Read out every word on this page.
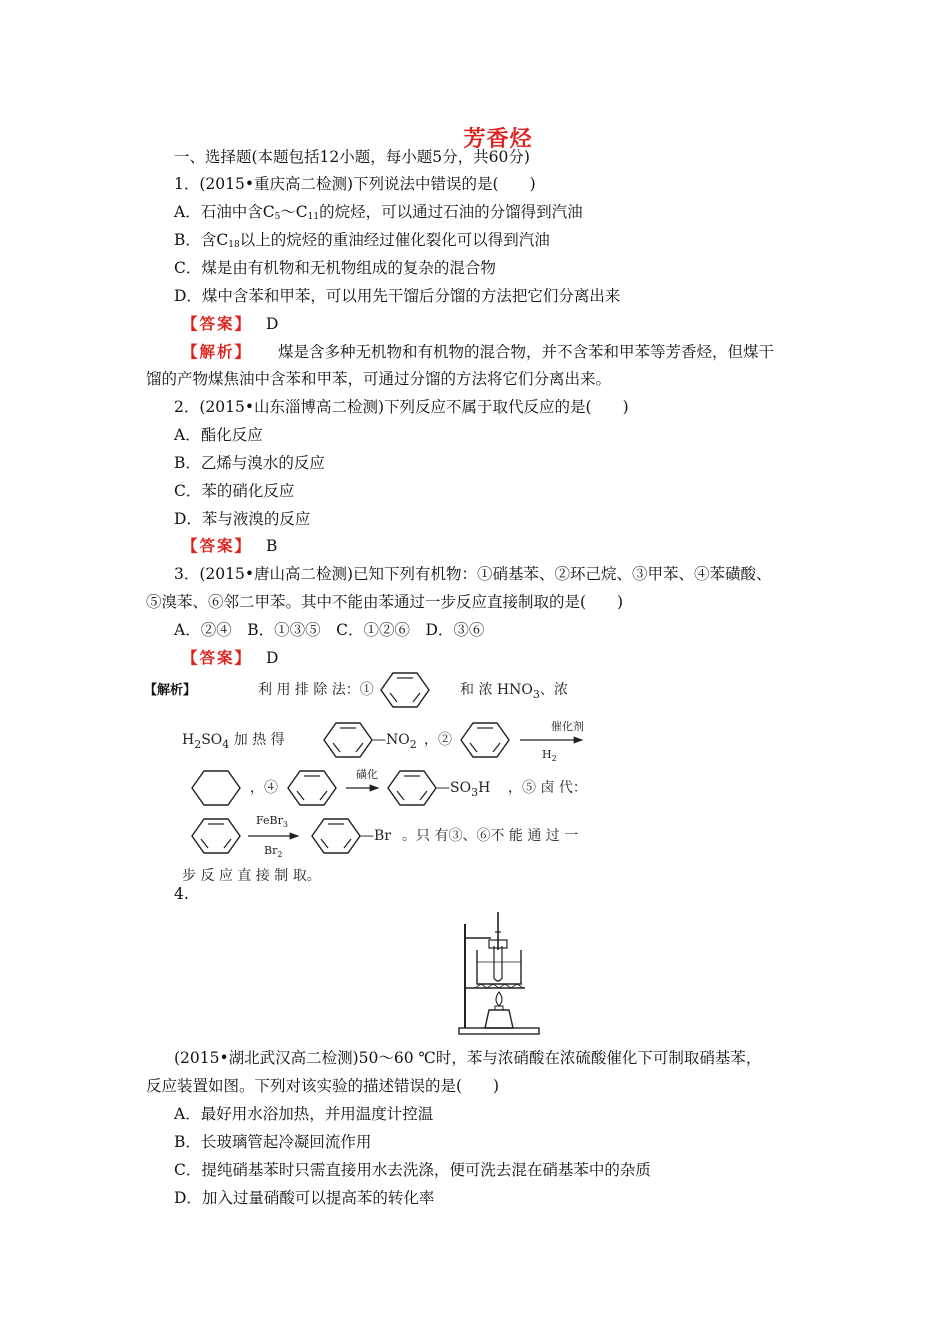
芳香烃
一、选择题(本题包括12小题，每小题5分，共60分)
1．(2015•重庆高二检测)下列说法中错误的是(　　)
A．石油中含$C_5\sim C_{11}$的烷烃，可以通过石油的分馏得到汽油
B．含$C_{18}$以上的烷烃的重油经过催化裂化可以得到汽油
C．煤是由有机物和无机物组成的复杂的混合物
D．煤中含苯和甲苯，可以用先干馏后分馏的方法把它们分离出来
【答案】 D
【解析】 煤是含多种无机物和有机物的混合物，并不含苯和甲苯等芳香烃，但煤干
馏的产物煤焦油中含苯和甲苯，可通过分馏的方法将它们分离出来。
2．(2015•山东淄博高二检测)下列反应不属于取代反应的是(　　)
A．酯化反应
B．乙烯与溴水的反应
C．苯的硝化反应
D．苯与液溴的反应
【答案】 B
3．(2015•唐山高二检测)已知下列有机物：①硝基苯、②环己烷、③甲苯、④苯磺酸、
⑤溴苯、⑥邻二甲苯。其中不能由苯通过一步反应直接制取的是(　　)
A．②④　B．①③⑤　C．①②⑥　D．③⑥
【答案】 D
【解析】	利 用 排 除 法：①	和 浓 $HNO_3$、浓
$H_2SO_4$ 加 热 得	$—NO_2$ ，②
催化剂
$H_2$
，④
磺化
$—SO_3H$ ，⑤ 卤 代：
FeBr$_3$
$Br_2$
—Br 。只 有③、⑥不 能 通 过 一
步 反 应 直 接 制 取。
4.
(2015•湖北武汉高二检测)50～60 ℃时，苯与浓硝酸在浓硫酸催化下可制取硝基苯，
反应装置如图。下列对该实验的描述错误的是(　　)
A．最好用水浴加热，并用温度计控温
B．长玻璃管起冷凝回流作用
C．提纯硝基苯时只需直接用水去洗涤，便可洗去混在硝基苯中的杂质
D．加入过量硝酸可以提高苯的转化率
